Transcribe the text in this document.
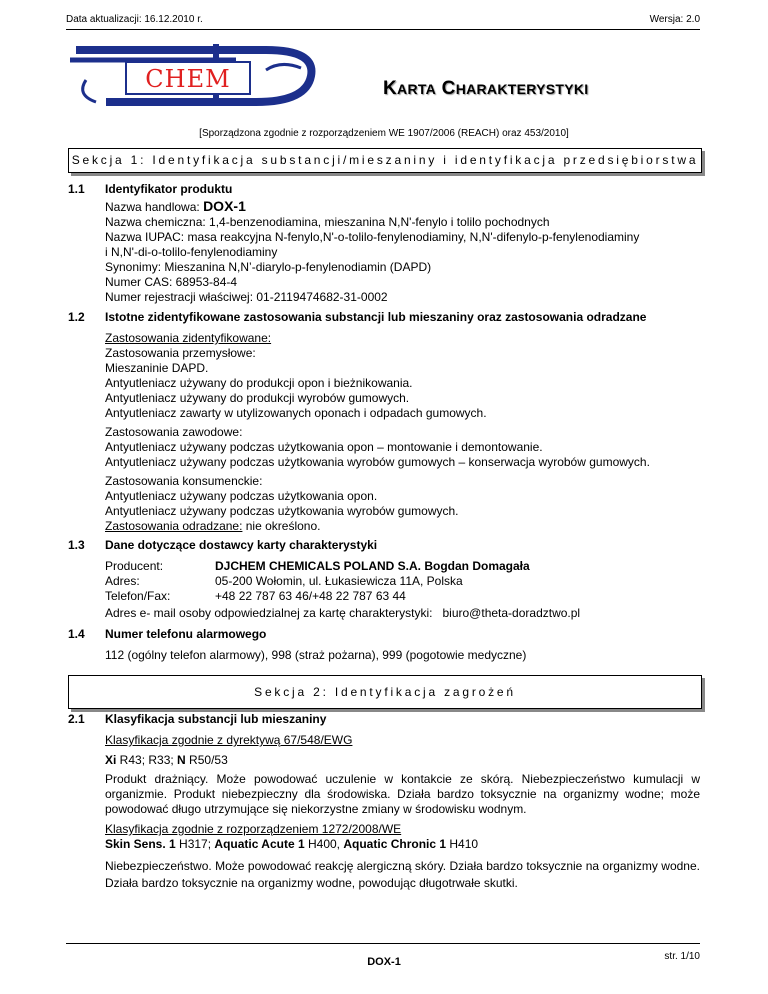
Data aktualizacji: 16.12.2010 r.	Wersja: 2.0
CHEM	KARTA CHARAKTERYSTYKI
[Sporządzona zgodnie z rozporządzeniem WE 1907/2006 (REACH) oraz 453/2010]
Sekcja 1: Identyfikacja substancji/mieszaniny i identyfikacja przedsiębiorstwa
1.1 Identyfikator produktu
Nazwa handlowa: DOX-1
Nazwa chemiczna: 1,4-benzenodiamina, mieszanina N,N'-fenylo i tolilo pochodnych
Nazwa IUPAC: masa reakcyjna N-fenylo,N'-o-tolilo-fenylenodiaminy, N,N'-difenylo-p-fenylenodiaminy
i N,N'-di-o-tolilo-fenylenodiaminy
Synonimy: Mieszanina N,N’-diarylo-p-fenylenodiamin (DAPD)
Numer CAS: 68953-84-4
Numer rejestracji właściwej: 01-2119474682-31-0002
1.2 Istotne zidentyfikowane zastosowania substancji lub mieszaniny oraz zastosowania odradzane
Zastosowania zidentyfikowane:
Zastosowania przemysłowe:
Mieszaninie DAPD.
Antyutleniacz używany do produkcji opon i bieżnikowania.
Antyutleniacz używany do produkcji wyrobów gumowych.
Antyutleniacz zawarty w utylizowanych oponach i odpadach gumowych.
Zastosowania zawodowe:
Antyutleniacz używany podczas użytkowania opon – montowanie i demontowanie.
Antyutleniacz używany podczas użytkowania wyrobów gumowych – konserwacja wyrobów gumowych.
Zastosowania konsumenckie:
Antyutleniacz używany podczas użytkowania opon.
Antyutleniacz używany podczas użytkowania wyrobów gumowych.
Zastosowania odradzane: nie określono.
1.3 Dane dotyczące dostawcy karty charakterystyki
Producent:	DJCHEM CHEMICALS POLAND S.A. Bogdan Domagała
Adres:	05-200 Wołomin, ul. Łukasiewicza 11A, Polska
Telefon/Fax:	+48 22 787 63 46/+48 22 787 63 44
Adres e- mail osoby odpowiedzialnej za kartę charakterystyki: biuro@theta-doradztwo.pl
1.4 Numer telefonu alarmowego
112 (ogólny telefon alarmowy), 998 (straż pożarna), 999 (pogotowie medyczne)
Sekcja 2: Identyfikacja zagrożeń
2.1 Klasyfikacja substancji lub mieszaniny
Klasyfikacja zgodnie z dyrektywą 67/548/EWG
Xi R43; R33; N R50/53
Produkt drażniący. Może powodować uczulenie w kontakcie ze skórą. Niebezpieczeństwo kumulacji w organizmie. Produkt niebezpieczny dla środowiska. Działa bardzo toksycznie na organizmy wodne; może powodować długo utrzymujące się niekorzystne zmiany w środowisku wodnym.
Klasyfikacja zgodnie z rozporządzeniem 1272/2008/WE
Skin Sens. 1 H317; Aquatic Acute 1 H400, Aquatic Chronic 1 H410
Niebezpieczeństwo. Może powodować reakcję alergiczną skóry. Działa bardzo toksycznie na organizmy wodne. Działa bardzo toksycznie na organizmy wodne, powodując długotrwałe skutki.
DOX-1	str. 1/10
